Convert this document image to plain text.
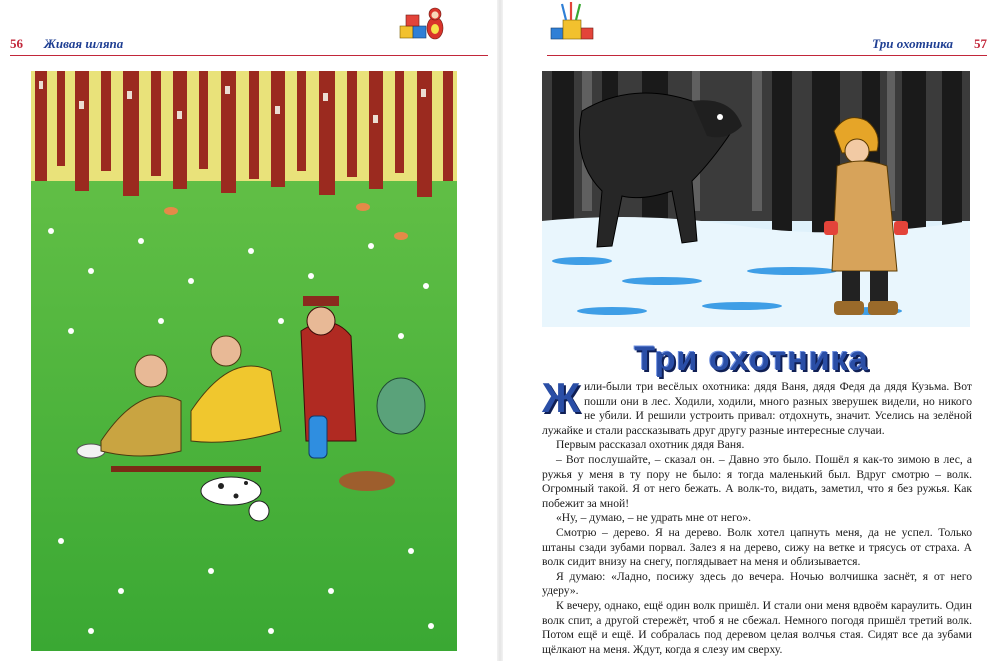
56 Живая шляпа	Три охотника 57
Три охотника

Жили-были три весёлых охотника: дядя Ваня, дядя Федя да дядя Кузьма. Вот пошли они в лес. Ходили, ходили, много разных зверушек видели, но никого не убили. И решили устроить привал: отдохнуть, значит. Уселись на зелёной лужайке и стали рассказывать друг другу разные интересные случаи.

Первым рассказал охотник дядя Ваня.

– Вот послушайте, – сказал он. – Давно это было. Пошёл я как-то зимою в лес, а ружья у меня в ту пору не было: я тогда маленький был. Вдруг смотрю – волк. Огромный такой. Я от него бежать. А волк-то, видать, заметил, что я без ружья. Как побежит за мной!

«Ну, – думаю, – не удрать мне от него».

Смотрю – дерево. Я на дерево. Волк хотел цапнуть меня, да не успел. Только штаны сзади зубами порвал. Залез я на дерево, сижу на ветке и трясусь от страха. А волк сидит внизу на снегу, поглядывает на меня и облизывается.

Я думаю: «Ладно, посижу здесь до вечера. Ночью волчишка заснёт, я от него удеру».

К вечеру, однако, ещё один волк пришёл. И стали они меня вдвоём караулить. Один волк спит, а другой стережёт, чтоб я не сбежал. Немного погодя пришёл третий волк. Потом ещё и ещё. И собралась под деревом целая волчья стая. Сидят все да зубами щёлкают на меня. Ждут, когда я слезу им сверху.
